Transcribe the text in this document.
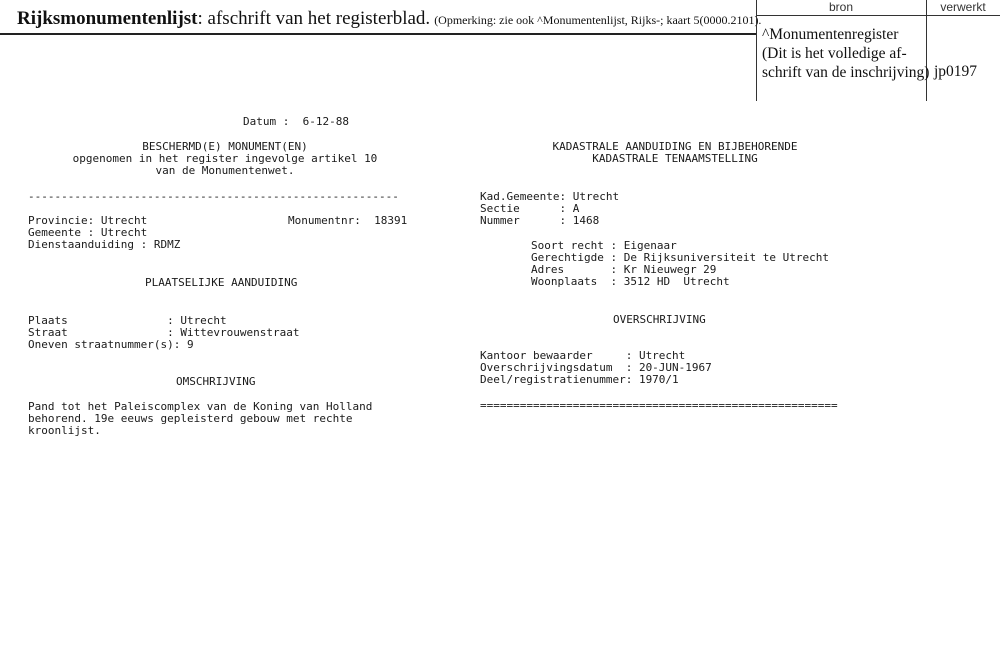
Rijksmonumentenlijst: afschrift van het registerblad. (Opmerking: zie ook ^Monumentenlijst, Rijks-; kaart 5(0000.2101).
bron	verwerkt
^Monumentenregister
(Dit is het volledige af-
schrift van de inschrijving) jp0197
Datum :  6-12-88
BESCHERMD(E) MONUMENT(EN)
opgenomen in het register ingevolge artikel 10
van de Monumentenwet.
--------------------------------------------------------
Provincie: Utrecht	Monumentnr:  18391
Gemeente : Utrecht
Dienstaanduiding : RDMZ
PLAATSELIJKE AANDUIDING
Plaats               : Utrecht
Straat               : Wittevrouwenstraat
Oneven straatnummer(s): 9
OMSCHRIJVING
Pand tot het Paleiscomplex van de Koning van Holland
behorend. 19e eeuws gepleisterd gebouw met rechte
kroonlijst.
KADASTRALE AANDUIDING EN BIJBEHORENDE
KADASTRALE TENAAMSTELLING
Kad.Gemeente: Utrecht
Sectie      : A
Nummer      : 1468
Soort recht : Eigenaar
Gerechtigde : De Rijksuniversiteit te Utrecht
Adres       : Kr Nieuwegr 29
Woonplaats  : 3512 HD  Utrecht
OVERSCHRIJVING
Kantoor bewaarder     : Utrecht
Overschrijvingsdatum  : 20-JUN-1967
Deel/registratienummer: 1970/1
======================================================
